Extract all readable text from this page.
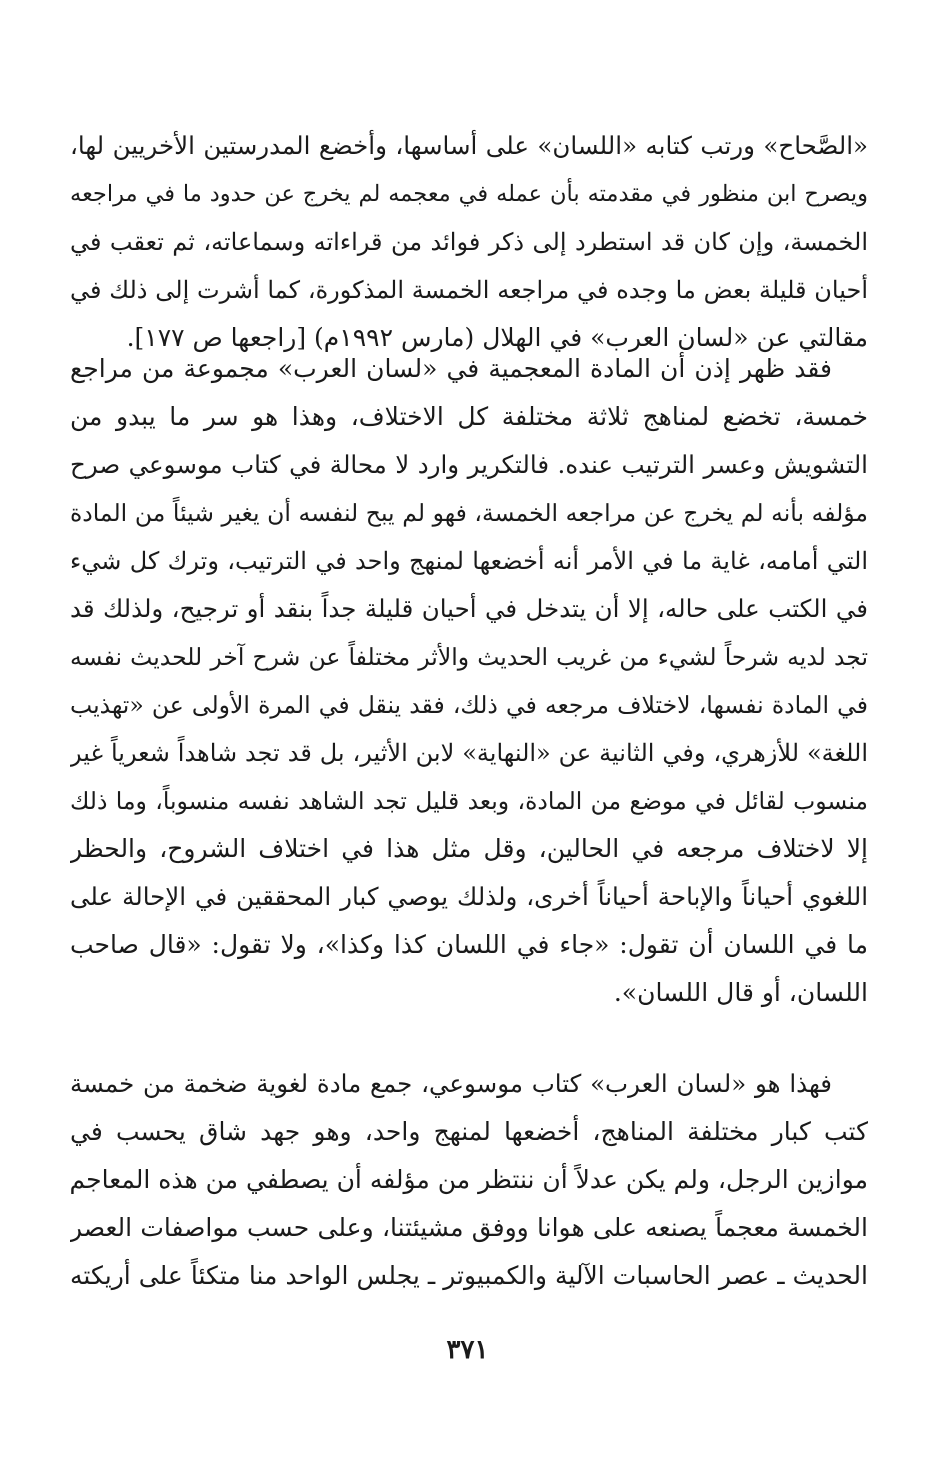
«الصَّحاح» ورتب كتابه «اللسان» على أساسها، وأخضع المدرستين الأخريين لها،
ويصرح ابن منظور في مقدمته بأن عمله في معجمه لم يخرج عن حدود ما في مراجعه
الخمسة، وإن كان قد استطرد إلى ذكر فوائد من قراءاته وسماعاته، ثم تعقب في
أحيان قليلة بعض ما وجده في مراجعه الخمسة المذكورة، كما أشرت إلى ذلك في
مقالتي عن «لسان العرب» في الهلال (مارس ١٩٩٢م) [راجعها ص ١٧٧].
فقد ظهر إذن أن المادة المعجمية في «لسان العرب» مجموعة من مراجع
خمسة، تخضع لمناهج ثلاثة مختلفة كل الاختلاف، وهذا هو سر ما يبدو من
التشويش وعسر الترتيب عنده. فالتكرير وارد لا محالة في كتاب موسوعي صرح
مؤلفه بأنه لم يخرج عن مراجعه الخمسة، فهو لم يبح لنفسه أن يغير شيئاً من المادة
التي أمامه، غاية ما في الأمر أنه أخضعها لمنهج واحد في الترتيب، وترك كل شيء
في الكتب على حاله، إلا أن يتدخل في أحيان قليلة جداً بنقد أو ترجيح، ولذلك قد
تجد لديه شرحاً لشيء من غريب الحديث والأثر مختلفاً عن شرح آخر للحديث نفسه
في المادة نفسها، لاختلاف مرجعه في ذلك، فقد ينقل في المرة الأولى عن «تهذيب
اللغة» للأزهري، وفي الثانية عن «النهاية» لابن الأثير، بل قد تجد شاهداً شعرياً غير
منسوب لقائل في موضع من المادة، وبعد قليل تجد الشاهد نفسه منسوباً، وما ذلك
إلا لاختلاف مرجعه في الحالين، وقل مثل هذا في اختلاف الشروح، والحظر
اللغوي أحياناً والإباحة أحياناً أخرى، ولذلك يوصي كبار المحققين في الإحالة على
ما في اللسان أن تقول: «جاء في اللسان كذا وكذا»، ولا تقول: «قال صاحب
اللسان، أو قال اللسان».
فهذا هو «لسان العرب» كتاب موسوعي، جمع مادة لغوية ضخمة من خمسة
كتب كبار مختلفة المناهج، أخضعها لمنهج واحد، وهو جهد شاق يحسب في
موازين الرجل، ولم يكن عدلاً أن ننتظر من مؤلفه أن يصطفي من هذه المعاجم
الخمسة معجماً يصنعه على هوانا ووفق مشيئتنا، وعلى حسب مواصفات العصر
الحديث ـ عصر الحاسبات الآلية والكمبيوتر ـ يجلس الواحد منا متكئاً على أريكته
٣٧١
